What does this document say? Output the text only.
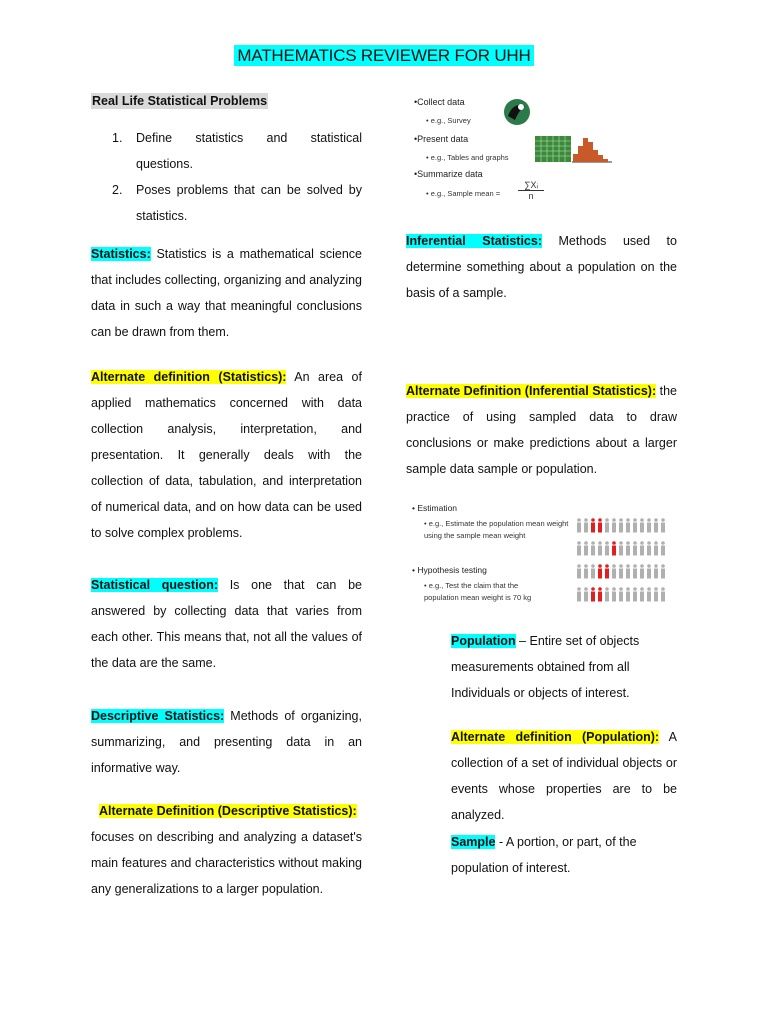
MATHEMATICS REVIEWER FOR UHH
Real Life Statistical Problems
1. Define statistics and statistical questions.
2. Poses problems that can be solved by statistics.
Statistics: Statistics is a mathematical science that includes collecting, organizing and analyzing data in such a way that meaningful conclusions can be drawn from them.
Alternate definition (Statistics): An area of applied mathematics concerned with data collection analysis, interpretation, and presentation. It generally deals with the collection of data, tabulation, and interpretation of numerical data, and on how data can be used to solve complex problems.
Statistical question: Is one that can be answered by collecting data that varies from each other. This means that, not all the values of the data are the same.
Descriptive Statistics: Methods of organizing, summarizing, and presenting data in an informative way.
Alternate Definition (Descriptive Statistics):
focuses on describing and analyzing a dataset's main features and characteristics without making any generalizations to a larger population.
•Collect data
• e.g., Survey
•Present data
• e.g., Tables and graphs
•Summarize data
• e.g., Sample mean =
∑Xᵢ
n
Inferential Statistics: Methods used to determine something about a population on the basis of a sample.
Alternate Definition (Inferential Statistics): the practice of using sampled data to draw conclusions or make predictions about a larger sample data sample or population.
• Estimation
• e.g., Estimate the population mean weight using the sample mean weight
• Hypothesis testing
• e.g., Test the claim that the population mean weight is 70 kg
Population – Entire set of objects measurements obtained from all Individuals or objects of interest.
Alternate definition (Population): A collection of a set of individual objects or events whose properties are to be analyzed.
Sample - A portion, or part, of the population of interest.
